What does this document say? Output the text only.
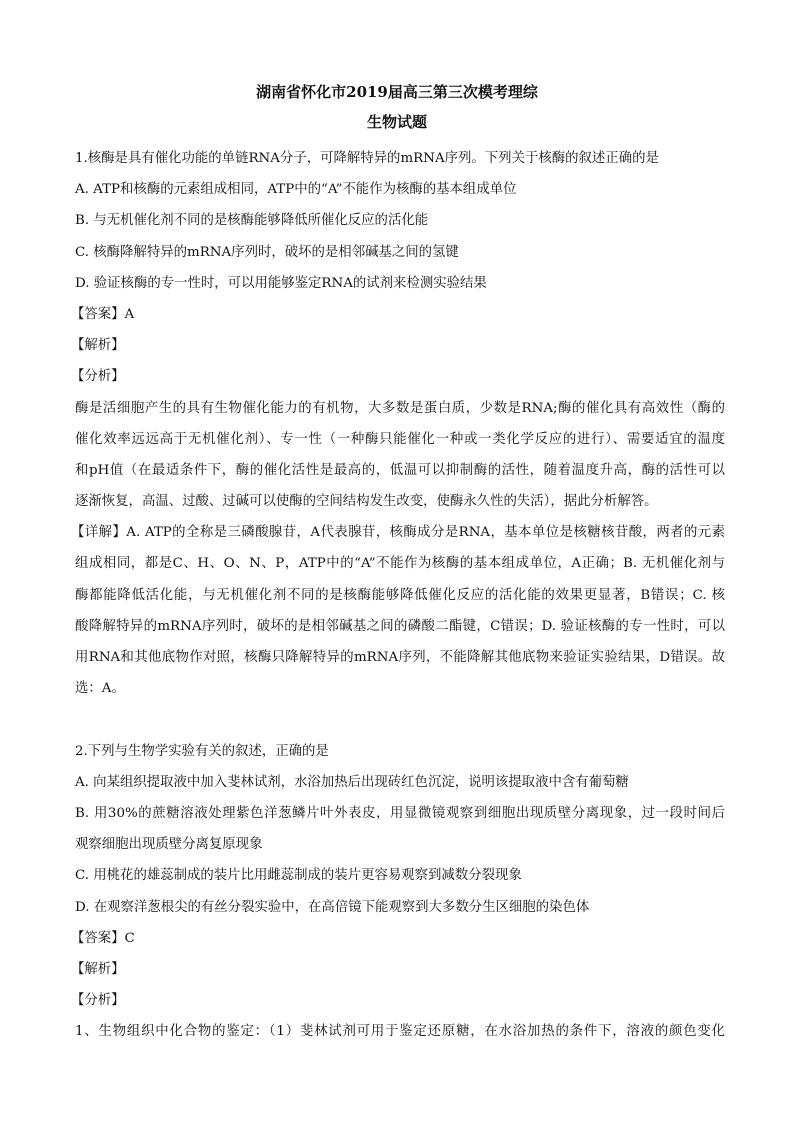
湖南省怀化市2019届高三第三次模考理综
生物试题
1.核酶是具有催化功能的单链RNA分子，可降解特异的mRNA序列。下列关于核酶的叙述正确的是
A. ATP和核酶的元素组成相同，ATP中的“A”不能作为核酶的基本组成单位
B. 与无机催化剂不同的是核酶能够降低所催化反应的活化能
C. 核酶降解特异的mRNA序列时，破坏的是相邻碱基之间的氢键
D. 验证核酶的专一性时，可以用能够鉴定RNA的试剂来检测实验结果
【答案】A
【解析】
【分析】
酶是活细胞产生的具有生物催化能力的有机物，大多数是蛋白质，少数是RNA;酶的催化具有高效性（酶的
催化效率远远高于无机催化剂）、专一性（一种酶只能催化一种或一类化学反应的进行）、需要适宜的温度
和pH值（在最适条件下，酶的催化活性是最高的，低温可以抑制酶的活性，随着温度升高，酶的活性可以
逐渐恢复，高温、过酸、过碱可以使酶的空间结构发生改变，使酶永久性的失活），据此分析解答。
【详解】A. ATP的全称是三磷酸腺苷，A代表腺苷，核酶成分是RNA，基本单位是核糖核苷酸，两者的元素
组成相同，都是C、H、O、N、P，ATP中的“A”不能作为核酶的基本组成单位，A正确；B. 无机催化剂与
酶都能降低活化能，与无机催化剂不同的是核酶能够降低催化反应的活化能的效果更显著，B错误；C. 核
酸降解特异的mRNA序列时，破坏的是相邻碱基之间的磷酸二酯键，C错误；D. 验证核酶的专一性时，可以
用RNA和其他底物作对照，核酶只降解特异的mRNA序列，不能降解其他底物来验证实验结果，D错误。故
选：A。
2.下列与生物学实验有关的叙述，正确的是
A. 向某组织提取液中加入斐林试剂，水浴加热后出现砖红色沉淀，说明该提取液中含有葡萄糖
B. 用30%的蔗糖溶液处理紫色洋葱鳞片叶外表皮，用显微镜观察到细胞出现质壁分离现象，过一段时间后
观察细胞出现质壁分离复原现象
C. 用桃花的雄蕊制成的装片比用雌蕊制成的装片更容易观察到减数分裂现象
D. 在观察洋葱根尖的有丝分裂实验中，在高倍镜下能观察到大多数分生区细胞的染色体
【答案】C
【解析】
【分析】
1、生物组织中化合物的鉴定：（1）斐林试剂可用于鉴定还原糖，在水浴加热的条件下，溶液的颜色变化
